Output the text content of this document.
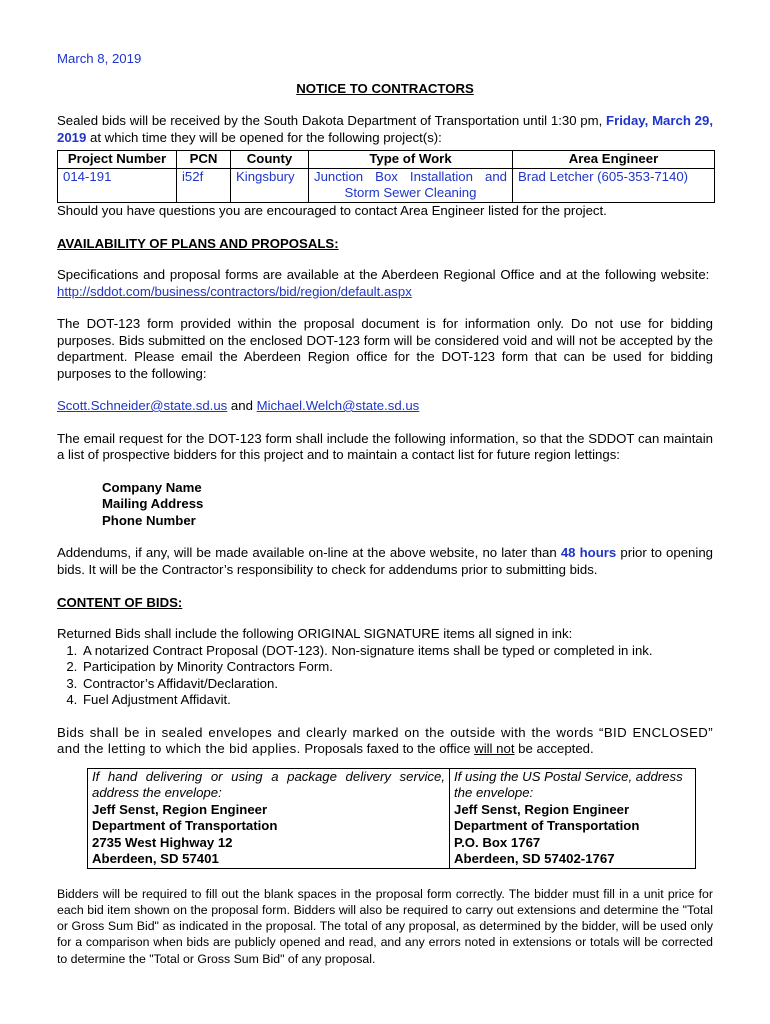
March 8, 2019
NOTICE TO CONTRACTORS

Sealed bids will be received by the South Dakota Department of Transportation until 1:30 pm, Friday, March 29, 2019 at which time they will be opened for the following project(s):

Project Number	PCN	County	Type of Work	Area Engineer
014-191	i52f	Kingsbury	Junction Box Installation and Storm Sewer Cleaning	Brad Letcher (605-353-7140)

Should you have questions you are encouraged to contact Area Engineer listed for the project.

AVAILABILITY OF PLANS AND PROPOSALS:

Specifications and proposal forms are available at the Aberdeen Regional Office and at the following website:  http://sddot.com/business/contractors/bid/region/default.aspx

The DOT-123 form provided within the proposal document is for information only. Do not use for bidding purposes. Bids submitted on the enclosed DOT-123 form will be considered void and will not be accepted by the department. Please email the Aberdeen Region office for the DOT-123 form that can be used for bidding purposes to the following:

Scott.Schneider@state.sd.us and Michael.Welch@state.sd.us

The email request for the DOT-123 form shall include the following information, so that the SDDOT can maintain a list of prospective bidders for this project and to maintain a contact list for future region lettings:

Company Name
Mailing Address
Phone Number

Addendums, if any, will be made available on-line at the above website, no later than 48 hours prior to opening bids. It will be the Contractor’s responsibility to check for addendums prior to submitting bids.

CONTENT OF BIDS:

Returned Bids shall include the following ORIGINAL SIGNATURE items all signed in ink:

1. A notarized Contract Proposal (DOT-123). Non-signature items shall be typed or completed in ink.
2. Participation by Minority Contractors Form.
3. Contractor’s Affidavit/Declaration.
4. Fuel Adjustment Affidavit.

Bids shall be in sealed envelopes and clearly marked on the outside with the words “BID ENCLOSED” and the letting to which the bid applies. Proposals faxed to the office will not be accepted.

If hand delivering or using a package delivery service, address the envelope:
Jeff Senst, Region Engineer
Department of Transportation
2735 West Highway 12
Aberdeen, SD 57401

If using the US Postal Service, address the envelope:
Jeff Senst, Region Engineer
Department of Transportation
P.O. Box 1767
Aberdeen, SD 57402-1767

Bidders will be required to fill out the blank spaces in the proposal form correctly. The bidder must fill in a unit price for each bid item shown on the proposal form. Bidders will also be required to carry out extensions and determine the "Total or Gross Sum Bid" as indicated in the proposal. The total of any proposal, as determined by the bidder, will be used only for a comparison when bids are publicly opened and read, and any errors noted in extensions or totals will be corrected to determine the "Total or Gross Sum Bid" of any proposal.
